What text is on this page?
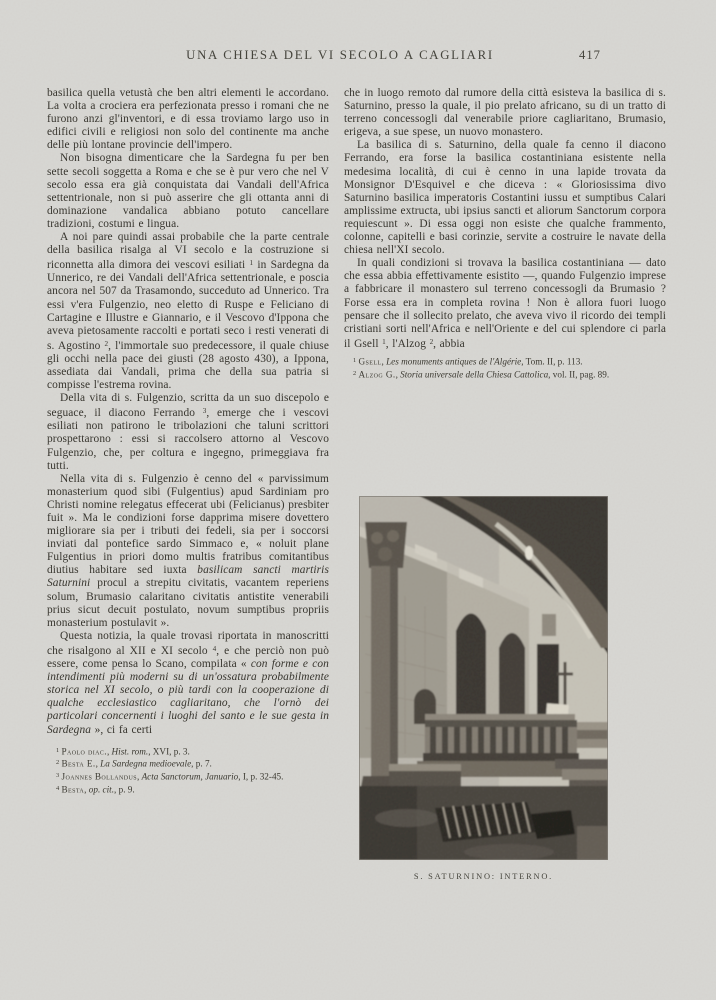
UNA CHIESA DEL VI SECOLO A CAGLIARI	417

basilica quella vetustà che ben altri elementi le accordano. La volta a crociera era perfezionata presso i romani che ne furono anzi gl'inventori, e di essa troviamo largo uso in edifici civili e religiosi non solo del continente ma anche delle più lontane provincie dell'impero.

Non bisogna dimenticare che la Sardegna fu per ben sette secoli soggetta a Roma e che se è pur vero che nel V secolo essa era già conquistata dai Vandali dell'Africa settentrionale, non si può asserire che gli ottanta anni di dominazione vandalica abbiano potuto cancellare tradizioni, costumi e lingua.

A noi pare quindi assai probabile che la parte centrale della basilica risalga al VI secolo e la costruzione si riconnetta alla dimora dei vescovi esiliati $^1$ in Sardegna da Unnerico, re dei Vandali dell'Africa settentrionale, e poscia ancora nel 507 da Trasamondo, succeduto ad Unnerico. Tra essi v'era Fulgenzio, neo eletto di Ruspe e Feliciano di Cartagine e Illustre e Giannario, e il Vescovo d'Ippona che aveva pietosamente raccolti e portati seco i resti venerati di s. Agostino $^2$, l'immortale suo predecessore, il quale chiuse gli occhi nella pace dei giusti (28 agosto 430), a Ippona, assediata dai Vandali, prima che della sua patria si compisse l'estrema rovina.

Della vita di s. Fulgenzio, scritta da un suo discepolo e seguace, il diacono Ferrando $^3$, emerge che i vescovi esiliati non patirono le tribolazioni che taluni scrittori prospettarono : essi si raccolsero attorno al Vescovo Fulgenzio, che, per coltura e ingegno, primeggiava fra tutti.

Nella vita di s. Fulgenzio è cenno del « parvissimum monasterium quod sibi (Fulgentius) apud Sardiniam pro Christi nomine relegatus effecerat ubi (Felicianus) presbiter fuit ». Ma le condizioni forse dapprima misere dovettero migliorare sia per i tributi dei fedeli, sia per i soccorsi inviati dal pontefice sardo Simmaco e, « noluit plane Fulgentius in priori domo multis fratribus comitantibus diutius habitare sed iuxta basilicam sancti martiris Saturnini procul a strepitu civitatis, vacantem reperiens solum, Brumasio calaritano civitatis antistite venerabili prius sicut decuit postulato, novum sumptibus propriis monasterium postulavit ».

Questa notizia, la quale trovasi riportata in manoscritti che risalgono al XII e XI secolo $^4$, e che perciò non può essere, come pensa lo Scano, compilata « con forme e con intendimenti più moderni su di un'ossatura probabilmente storica nel XI secolo, o più tardi con la cooperazione di qualche ecclesiastico cagliaritano, che l'ornò dei particolari concernenti i luoghi del santo e le sue gesta in Sardegna », ci fa certi

$^1$ Paolo diac., Hist. rom., XVI, p. 3.

$^2$ Besta E., La Sardegna medioevale, p. 7.

$^3$ Joannes Bollandus, Acta Sanctorum, Januario, I, p. 32-45.

$^4$ Besta, op. cit., p. 9.

che in luogo remoto dal rumore della città esisteva la basilica di s. Saturnino, presso la quale, il pio prelato africano, su di un tratto di terreno concessogli dal venerabile priore cagliaritano, Brumasio, erigeva, a sue spese, un nuovo monastero.

La basilica di s. Saturnino, della quale fa cenno il diacono Ferrando, era forse la basilica costantiniana esistente nella medesima località, di cui è cenno in una lapide trovata da Monsignor D'Esquivel e che diceva : « Gloriosissima divo Saturnino basilica imperatoris Costantini iussu et sumptibus Calari amplissime extructa, ubi ipsius sancti et aliorum Sanctorum corpora requiescunt ». Di essa oggi non esiste che qualche frammento, colonne, capitelli e basi corinzie, servite a costruire le navate della chiesa nell'XI secolo.

In quali condizioni si trovava la basilica costantiniana — dato che essa abbia effettivamente esistito —, quando Fulgenzio imprese a fabbricare il monastero sul terreno concessogli da Brumasio ? Forse essa era in completa rovina ! Non è allora fuori luogo pensare che il sollecito prelato, che aveva vivo il ricordo dei templi cristiani sorti nell'Africa e nell'Oriente e del cui splendore ci parla il Gsell $^1$, l'Alzog $^2$, abbia

$^1$ Gsell, Les monuments antiques de l'Algérie, Tom. II, p. 113.

$^2$ Alzog G., Storia universale della Chiesa Cattolica, vol. II, pag. 89.

S. SATURNINO: INTERNO.
